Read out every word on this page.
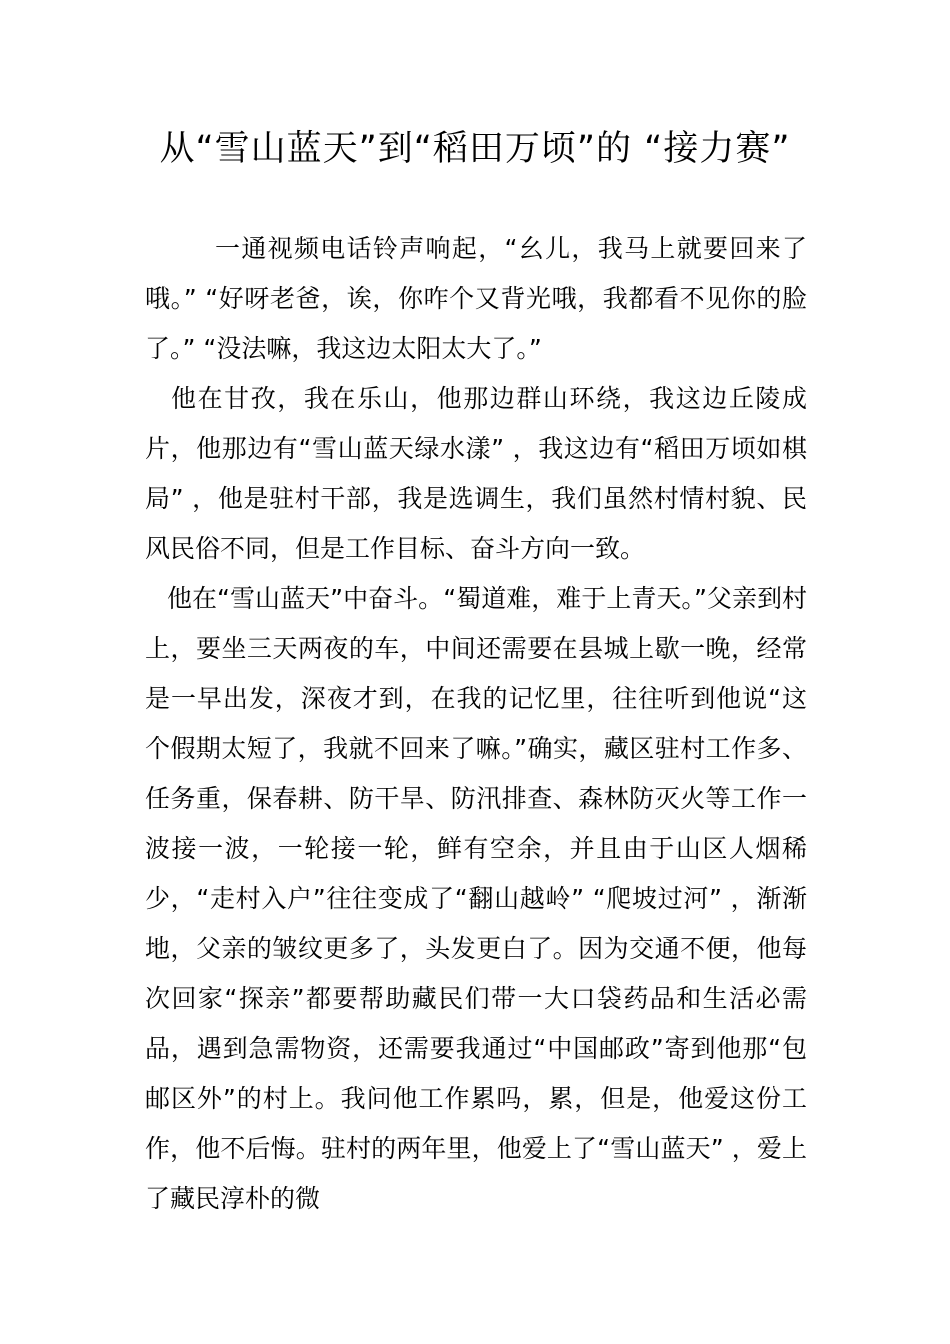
从“雪山蓝天”到“稻田万顷”的 “接力赛”

一通视频电话铃声响起，“幺儿，我马上就要回来了哦。” “好呀老爸，诶，你咋个又背光哦，我都看不见你的脸了。” “没法嘛，我这边太阳太大了。”

他在甘孜，我在乐山，他那边群山环绕，我这边丘陵成片，他那边有“雪山蓝天绿水漾” ，我这边有“稻田万顷如棋局” ，他是驻村干部，我是选调生，我们虽然村情村貌、民风民俗不同，但是工作目标、奋斗方向一致。

他在“雪山蓝天”中奋斗。“蜀道难，难于上青天。”父亲到村上，要坐三天两夜的车，中间还需要在县城上歇一晚，经常是一早出发，深夜才到，在我的记忆里，往往听到他说“这个假期太短了，我就不回来了嘛。”确实，藏区驻村工作多、任务重，保春耕、防干旱、防汛排查、森林防灭火等工作一波接一波，一轮接一轮，鲜有空余，并且由于山区人烟稀少，“走村入户”往往变成了“翻山越岭” “爬坡过河” ，渐渐地，父亲的皱纹更多了，头发更白了。因为交通不便，他每次回家“探亲”都要帮助藏民们带一大口袋药品和生活必需品，遇到急需物资，还需要我通过“中国邮政”寄到他那“包邮区外”的村上。我问他工作累吗，累，但是，他爱这份工作，他不后悔。驻村的两年里，他爱上了“雪山蓝天” ，爱上了藏民淳朴的微
